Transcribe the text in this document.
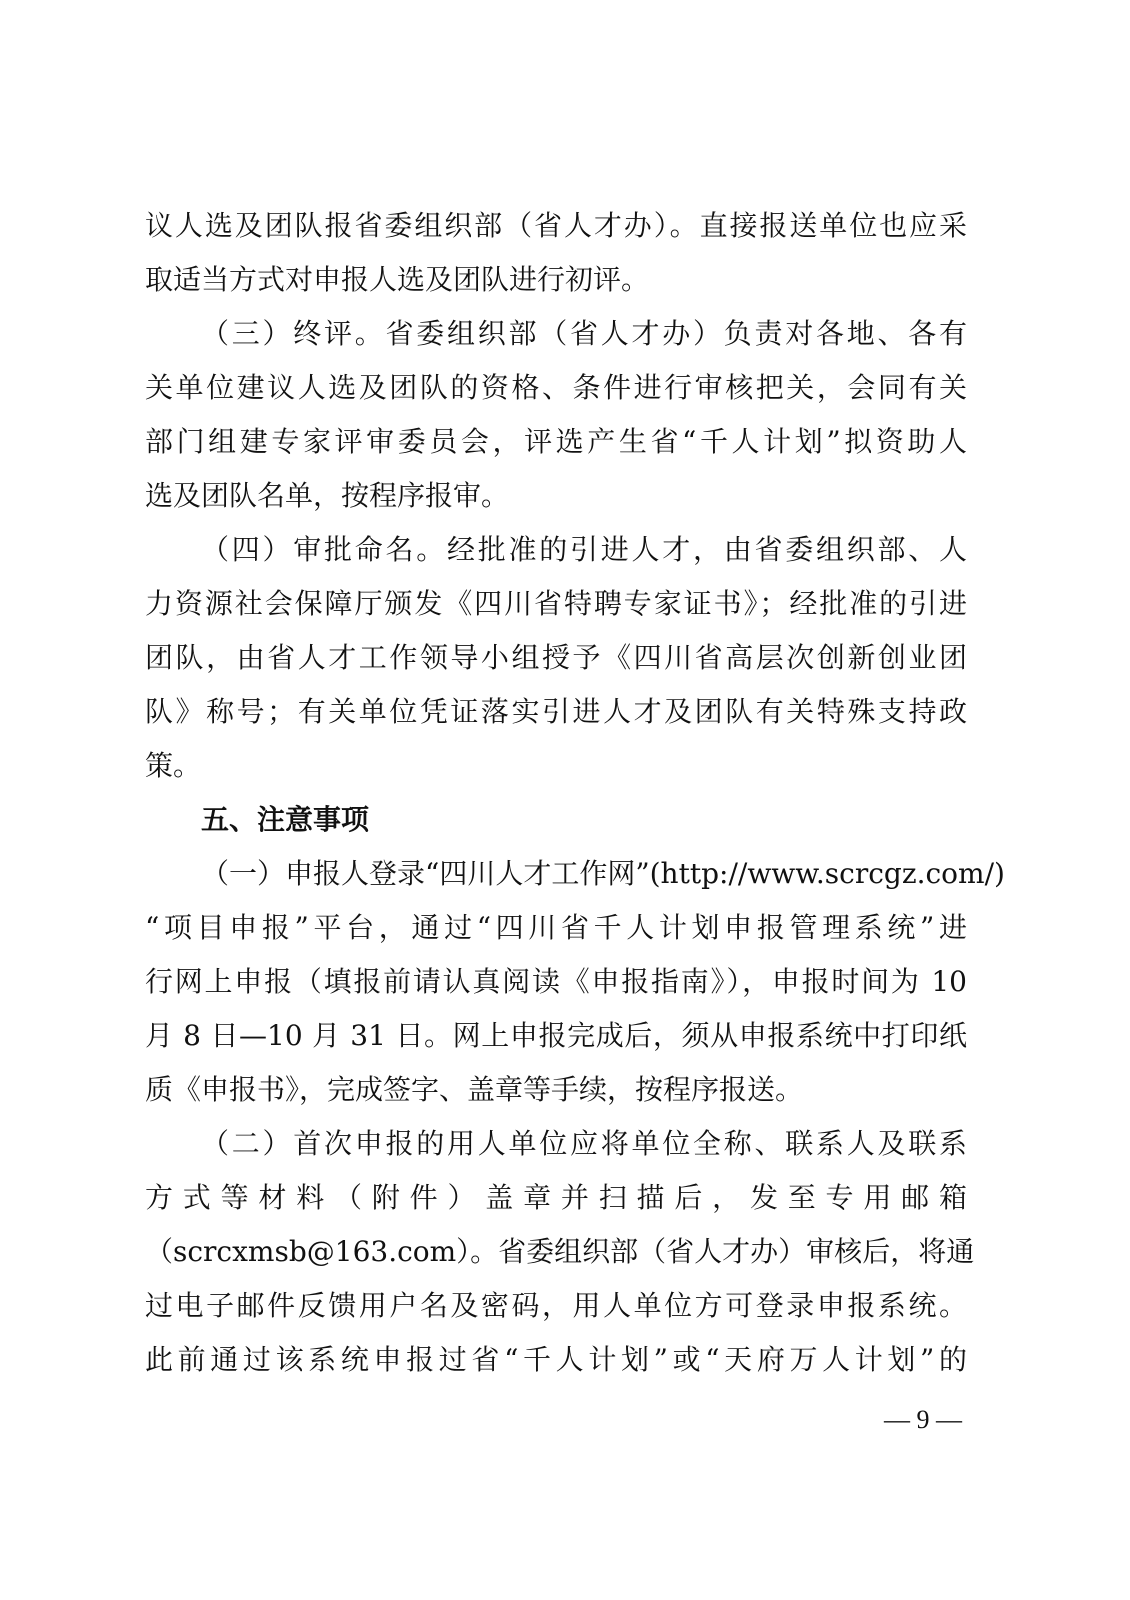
议人选及团队报省委组织部（省人才办）。直接报送单位也应采
取适当方式对申报人选及团队进行初评。
（三）终评。省委组织部（省人才办）负责对各地、各有
关单位建议人选及团队的资格、条件进行审核把关，会同有关
部门组建专家评审委员会，评选产生省“千人计划”拟资助人
选及团队名单，按程序报审。
（四）审批命名。经批准的引进人才，由省委组织部、人
力资源社会保障厅颁发《四川省特聘专家证书》；经批准的引进
团队，由省人才工作领导小组授予《四川省高层次创新创业团
队》称号；有关单位凭证落实引进人才及团队有关特殊支持政
策。
五、注意事项
（一）申报人登录“四川人才工作网”(http://www.scrcgz.com/)
“项目申报”平台，通过“四川省千人计划申报管理系统”进
行网上申报（填报前请认真阅读《申报指南》），申报时间为 10
月 8 日—10 月 31 日。网上申报完成后，须从申报系统中打印纸
质《申报书》，完成签字、盖章等手续，按程序报送。
（二）首次申报的用人单位应将单位全称、联系人及联系
方式等材料（附件）盖章并扫描后，发至专用邮箱
（scrcxmsb@163.com）。省委组织部（省人才办）审核后，将通
过电子邮件反馈用户名及密码，用人单位方可登录申报系统。
此前通过该系统申报过省“千人计划”或“天府万人计划”的
— 9 —
